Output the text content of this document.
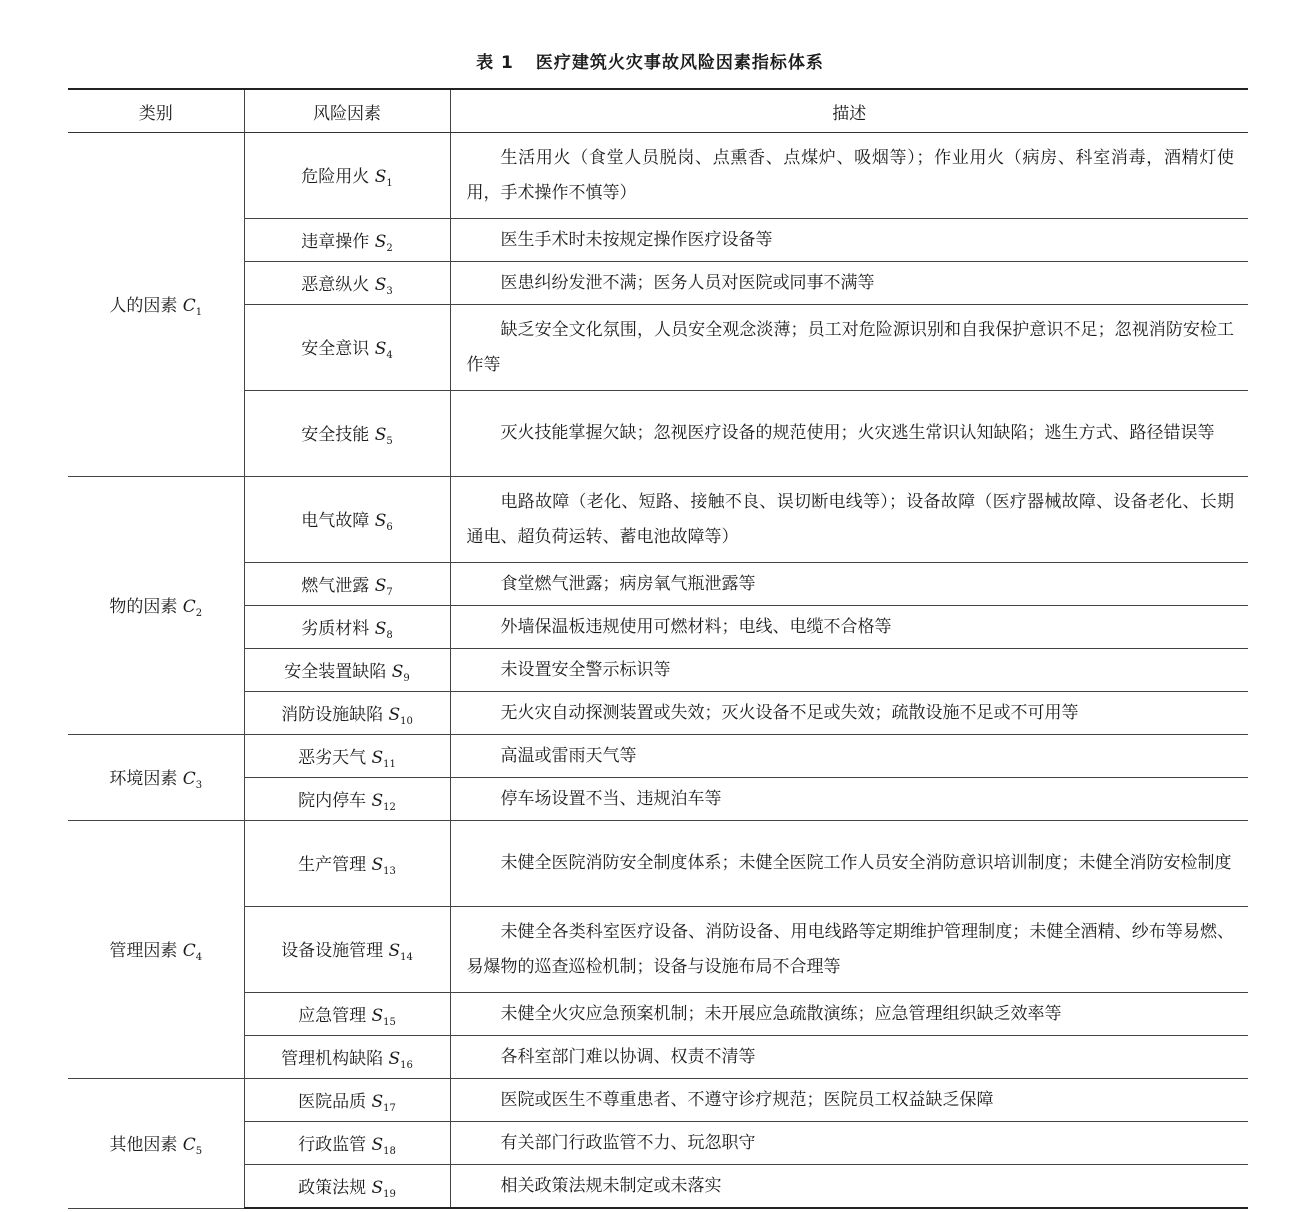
表 1 医疗建筑火灾事故风险因素指标体系
类别	风险因素	描述
人的因素 $C_1$	危险用火 $S_1$	生活用火（食堂人员脱岗、点熏香、点煤炉、吸烟等）；作业用火（病房、科室消毒，酒精灯使用，手术操作不慎等）
	违章操作 $S_2$	医生手术时未按规定操作医疗设备等
	恶意纵火 $S_3$	医患纠纷发泄不满；医务人员对医院或同事不满等
	安全意识 $S_4$	缺乏安全文化氛围，人员安全观念淡薄；员工对危险源识别和自我保护意识不足；忽视消防安检工作等
	安全技能 $S_5$	灭火技能掌握欠缺；忽视医疗设备的规范使用；火灾逃生常识认知缺陷；逃生方式、路径错误等
物的因素 $C_2$	电气故障 $S_6$	电路故障（老化、短路、接触不良、误切断电线等）；设备故障（医疗器械故障、设备老化、长期通电、超负荷运转、蓄电池故障等）
	燃气泄露 $S_7$	食堂燃气泄露；病房氧气瓶泄露等
	劣质材料 $S_8$	外墙保温板违规使用可燃材料；电线、电缆不合格等
	安全装置缺陷 $S_9$	未设置安全警示标识等
	消防设施缺陷 $S_{10}$	无火灾自动探测装置或失效；灭火设备不足或失效；疏散设施不足或不可用等
环境因素 $C_3$	恶劣天气 $S_{11}$	高温或雷雨天气等
	院内停车 $S_{12}$	停车场设置不当、违规泊车等
管理因素 $C_4$	生产管理 $S_{13}$	未健全医院消防安全制度体系；未健全医院工作人员安全消防意识培训制度；未健全消防安检制度
	设备设施管理 $S_{14}$	未健全各类科室医疗设备、消防设备、用电线路等定期维护管理制度；未健全酒精、纱布等易燃、易爆物的巡查巡检机制；设备与设施布局不合理等
	应急管理 $S_{15}$	未健全火灾应急预案机制；未开展应急疏散演练；应急管理组织缺乏效率等
	管理机构缺陷 $S_{16}$	各科室部门难以协调、权责不清等
其他因素 $C_5$	医院品质 $S_{17}$	医院或医生不尊重患者、不遵守诊疗规范；医院员工权益缺乏保障
	行政监管 $S_{18}$	有关部门行政监管不力、玩忽职守
	政策法规 $S_{19}$	相关政策法规未制定或未落实
